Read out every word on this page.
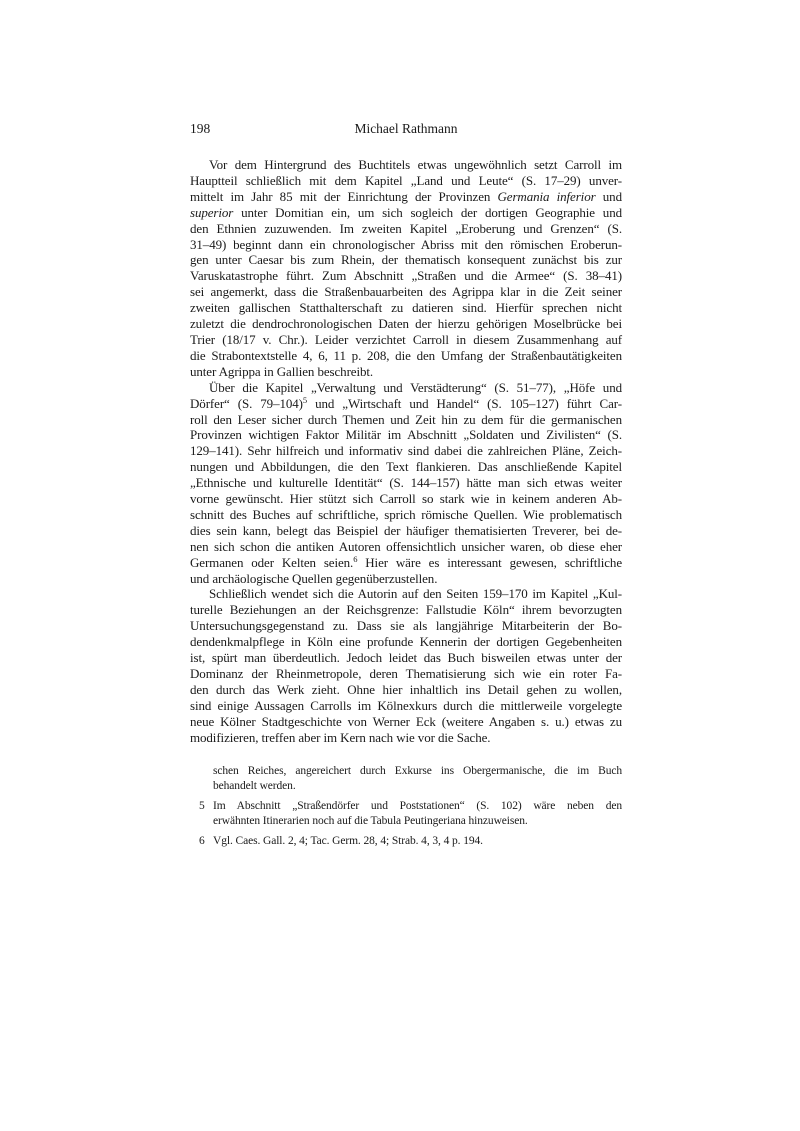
198	Michael Rathmann
Vor dem Hintergrund des Buchtitels etwas ungewöhnlich setzt Carroll im
Hauptteil schließlich mit dem Kapitel „Land und Leute“ (S. 17–29) unver-
mittelt im Jahr 85 mit der Einrichtung der Provinzen Germania inferior und
superior unter Domitian ein, um sich sogleich der dortigen Geographie und
den Ethnien zuzuwenden. Im zweiten Kapitel „Eroberung und Grenzen“ (S.
31–49) beginnt dann ein chronologischer Abriss mit den römischen Eroberun-
gen unter Caesar bis zum Rhein, der thematisch konsequent zunächst bis zur
Varuskatastrophe führt. Zum Abschnitt „Straßen und die Armee“ (S. 38–41)
sei angemerkt, dass die Straßenbauarbeiten des Agrippa klar in die Zeit seiner
zweiten gallischen Statthalterschaft zu datieren sind. Hierfür sprechen nicht
zuletzt die dendrochronologischen Daten der hierzu gehörigen Moselbrücke bei
Trier (18/17 v. Chr.). Leider verzichtet Carroll in diesem Zusammenhang auf
die Strabontextstelle 4, 6, 11 p. 208, die den Umfang der Straßenbautätigkeiten
unter Agrippa in Gallien beschreibt.
Über die Kapitel „Verwaltung und Verstädterung“ (S. 51–77), „Höfe und
Dörfer“ (S. 79–104)$^5$ und „Wirtschaft und Handel“ (S. 105–127) führt Car-
roll den Leser sicher durch Themen und Zeit hin zu dem für die germanischen
Provinzen wichtigen Faktor Militär im Abschnitt „Soldaten und Zivilisten“ (S.
129–141). Sehr hilfreich und informativ sind dabei die zahlreichen Pläne, Zeich-
nungen und Abbildungen, die den Text flankieren. Das anschließende Kapitel
„Ethnische und kulturelle Identität“ (S. 144–157) hätte man sich etwas weiter
vorne gewünscht. Hier stützt sich Carroll so stark wie in keinem anderen Ab-
schnitt des Buches auf schriftliche, sprich römische Quellen. Wie problematisch
dies sein kann, belegt das Beispiel der häufiger thematisierten Treverer, bei de-
nen sich schon die antiken Autoren offensichtlich unsicher waren, ob diese eher
Germanen oder Kelten seien.$^6$ Hier wäre es interessant gewesen, schriftliche
und archäologische Quellen gegenüberzustellen.
Schließlich wendet sich die Autorin auf den Seiten 159–170 im Kapitel „Kul-
turelle Beziehungen an der Reichsgrenze: Fallstudie Köln“ ihrem bevorzugten
Untersuchungsgegenstand zu. Dass sie als langjährige Mitarbeiterin der Bo-
dendenkmalpflege in Köln eine profunde Kennerin der dortigen Gegebenheiten
ist, spürt man überdeutlich. Jedoch leidet das Buch bisweilen etwas unter der
Dominanz der Rheinmetropole, deren Thematisierung sich wie ein roter Fa-
den durch das Werk zieht. Ohne hier inhaltlich ins Detail gehen zu wollen,
sind einige Aussagen Carrolls im Kölnexkurs durch die mittlerweile vorgelegte
neue Kölner Stadtgeschichte von Werner Eck (weitere Angaben s. u.) etwas zu
modifizieren, treffen aber im Kern nach wie vor die Sache.
schen Reiches, angereichert durch Exkurse ins Obergermanische, die im Buch
behandelt werden.
5 Im Abschnitt „Straßendörfer und Poststationen“ (S. 102) wäre neben den
erwähnten Itinerarien noch auf die Tabula Peutingeriana hinzuweisen.
6 Vgl. Caes. Gall. 2, 4; Tac. Germ. 28, 4; Strab. 4, 3, 4 p. 194.
